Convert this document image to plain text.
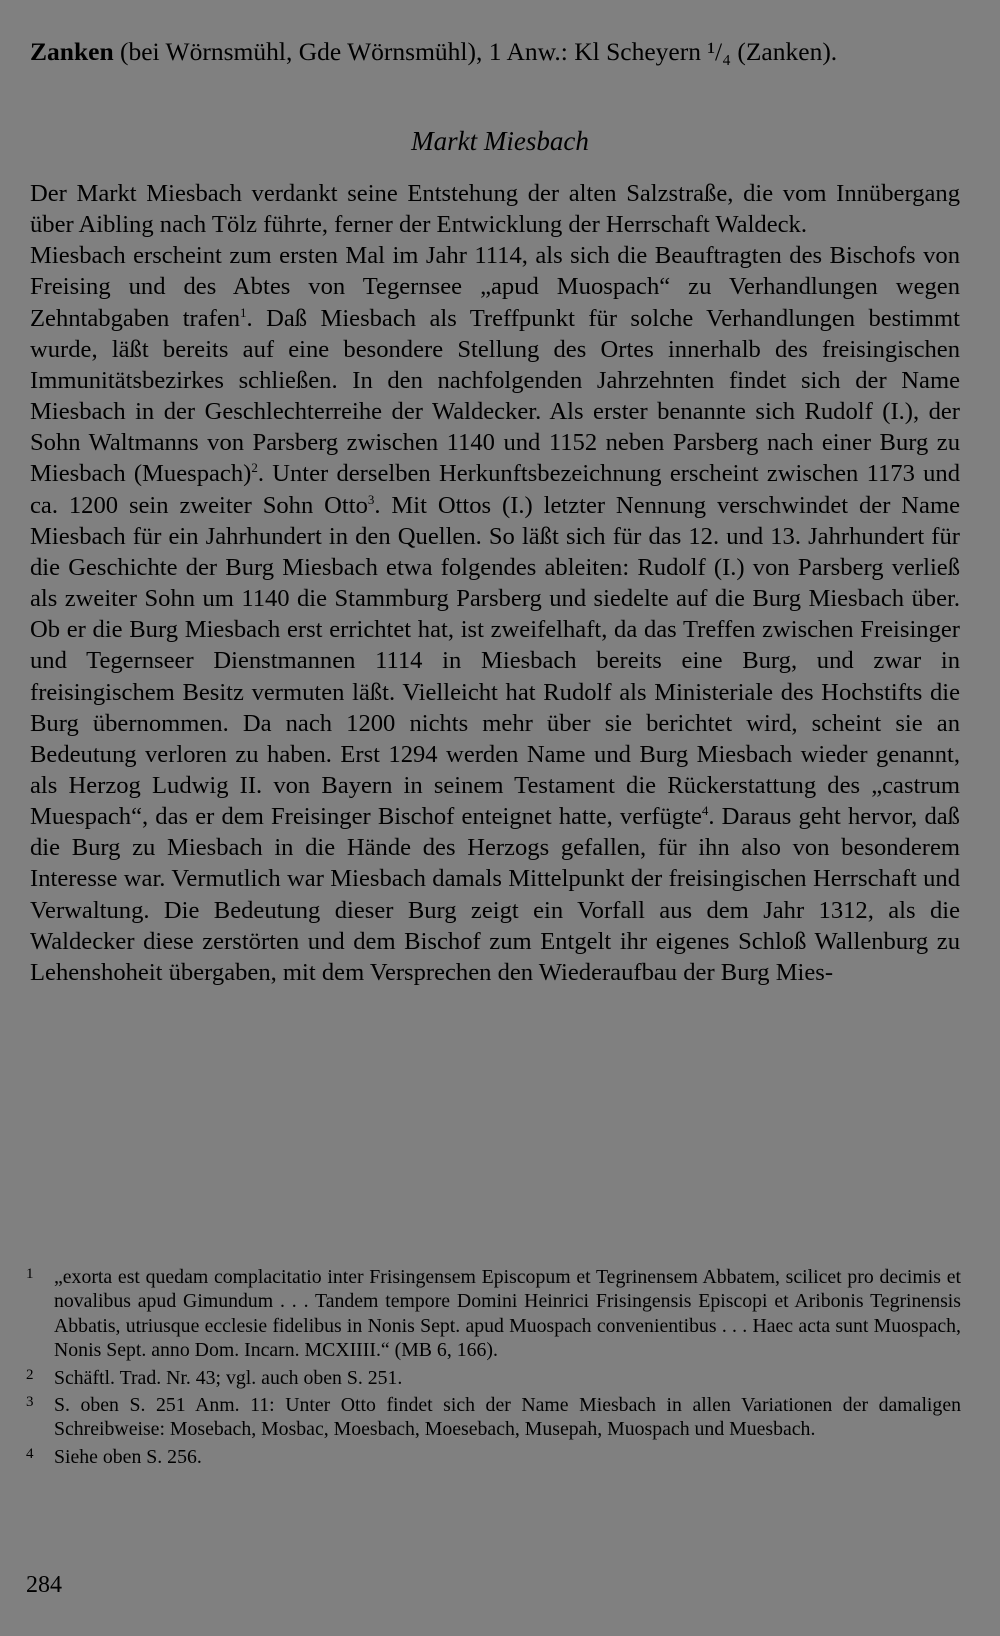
Zanken (bei Wörnsmühl, Gde Wörnsmühl), 1 Anw.: Kl Scheyern ¹/₄ (Zanken).
Markt Miesbach

Der Markt Miesbach verdankt seine Entstehung der alten Salzstraße, die vom Innübergang über Aibling nach Tölz führte, ferner der Entwicklung der Herrschaft Waldeck.

Miesbach erscheint zum ersten Mal im Jahr 1114, als sich die Beauftragten des Bischofs von Freising und des Abtes von Tegernsee „apud Muospach“ zu Verhandlungen wegen Zehntabgaben trafen$^1$. Daß Miesbach als Treffpunkt für solche Verhandlungen bestimmt wurde, läßt bereits auf eine besondere Stellung des Ortes innerhalb des freisingischen Immunitätsbezirkes schließen. In den nachfolgenden Jahrzehnten findet sich der Name Miesbach in der Geschlechterreihe der Waldecker. Als erster benannte sich Rudolf (I.), der Sohn Waltmanns von Parsberg zwischen 1140 und 1152 neben Parsberg nach einer Burg zu Miesbach (Muespach)$^2$. Unter derselben Herkunftsbezeichnung erscheint zwischen 1173 und ca. 1200 sein zweiter Sohn Otto$^3$. Mit Ottos (I.) letzter Nennung verschwindet der Name Miesbach für ein Jahrhundert in den Quellen. So läßt sich für das 12. und 13. Jahrhundert für die Geschichte der Burg Miesbach etwa folgendes ableiten: Rudolf (I.) von Parsberg verließ als zweiter Sohn um 1140 die Stammburg Parsberg und siedelte auf die Burg Miesbach über. Ob er die Burg Miesbach erst errichtet hat, ist zweifelhaft, da das Treffen zwischen Freisinger und Tegernseer Dienstmannen 1114 in Miesbach bereits eine Burg, und zwar in freisingischem Besitz vermuten läßt. Vielleicht hat Rudolf als Ministeriale des Hochstifts die Burg übernommen. Da nach 1200 nichts mehr über sie berichtet wird, scheint sie an Bedeutung verloren zu haben. Erst 1294 werden Name und Burg Miesbach wieder genannt, als Herzog Ludwig II. von Bayern in seinem Testament die Rückerstattung des „castrum Muespach“, das er dem Freisinger Bischof enteignet hatte, verfügte$^4$. Daraus geht hervor, daß die Burg zu Miesbach in die Hände des Herzogs gefallen, für ihn also von besonderem Interesse war. Vermutlich war Miesbach damals Mittelpunkt der freisingischen Herrschaft und Verwaltung. Die Bedeutung dieser Burg zeigt ein Vorfall aus dem Jahr 1312, als die Waldecker diese zerstörten und dem Bischof zum Entgelt ihr eigenes Schloß Wallenburg zu Lehenshoheit übergaben, mit dem Versprechen den Wiederaufbau der Burg Mies-

1 „exorta est quedam complacitatio inter Frisingensem Episcopum et Tegrinensem Abbatem, scilicet pro decimis et novalibus apud Gimundum . . . Tandem tempore Domini Heinrici Frisingensis Episcopi et Aribonis Tegrinensis Abbatis, utriusque ecclesie fidelibus in Nonis Sept. apud Muospach convenientibus . . . Haec acta sunt Muospach, Nonis Sept. anno Dom. Incarn. MCXIIII.“ (MB 6, 166).

2 Schäftl. Trad. Nr. 43; vgl. auch oben S. 251.

3 S. oben S. 251 Anm. 11: Unter Otto findet sich der Name Miesbach in allen Variationen der damaligen Schreibweise: Mosebach, Mosbac, Moesbach, Moesebach, Musepah, Muospach und Muesbach.

4 Siehe oben S. 256.

284
